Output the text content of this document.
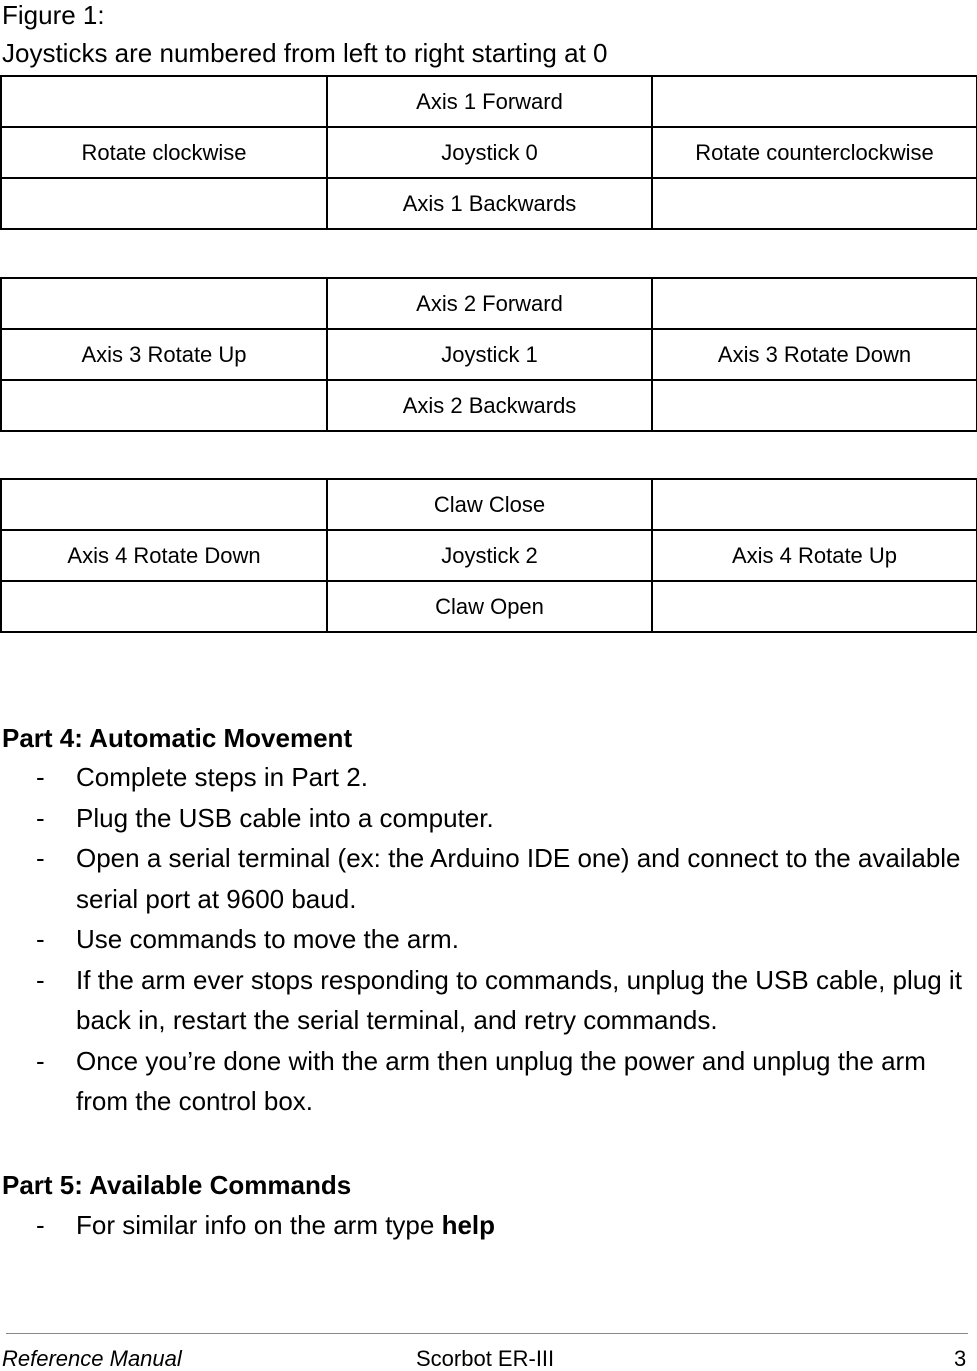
Figure 1:
Joysticks are numbered from left to right starting at 0
	Axis 1 Forward	
Rotate clockwise	Joystick 0	Rotate counterclockwise
	Axis 1 Backwards	
	Axis 2 Forward	
Axis 3 Rotate Up	Joystick 1	Axis 3 Rotate Down
	Axis 2 Backwards	
	Claw Close	
Axis 4 Rotate Down	Joystick 2	Axis 4 Rotate Up
	Claw Open	
Part 4: Automatic Movement
- Complete steps in Part 2.
- Plug the USB cable into a computer.
- Open a serial terminal (ex: the Arduino IDE one) and connect to the available serial port at 9600 baud.
- Use commands to move the arm.
- If the arm ever stops responding to commands, unplug the USB cable, plug it back in, restart the serial terminal, and retry commands.
- Once you’re done with the arm then unplug the power and unplug the arm from the control box.
Part 5: Available Commands
- For similar info on the arm type help
Reference Manual	Scorbot ER-III	3
